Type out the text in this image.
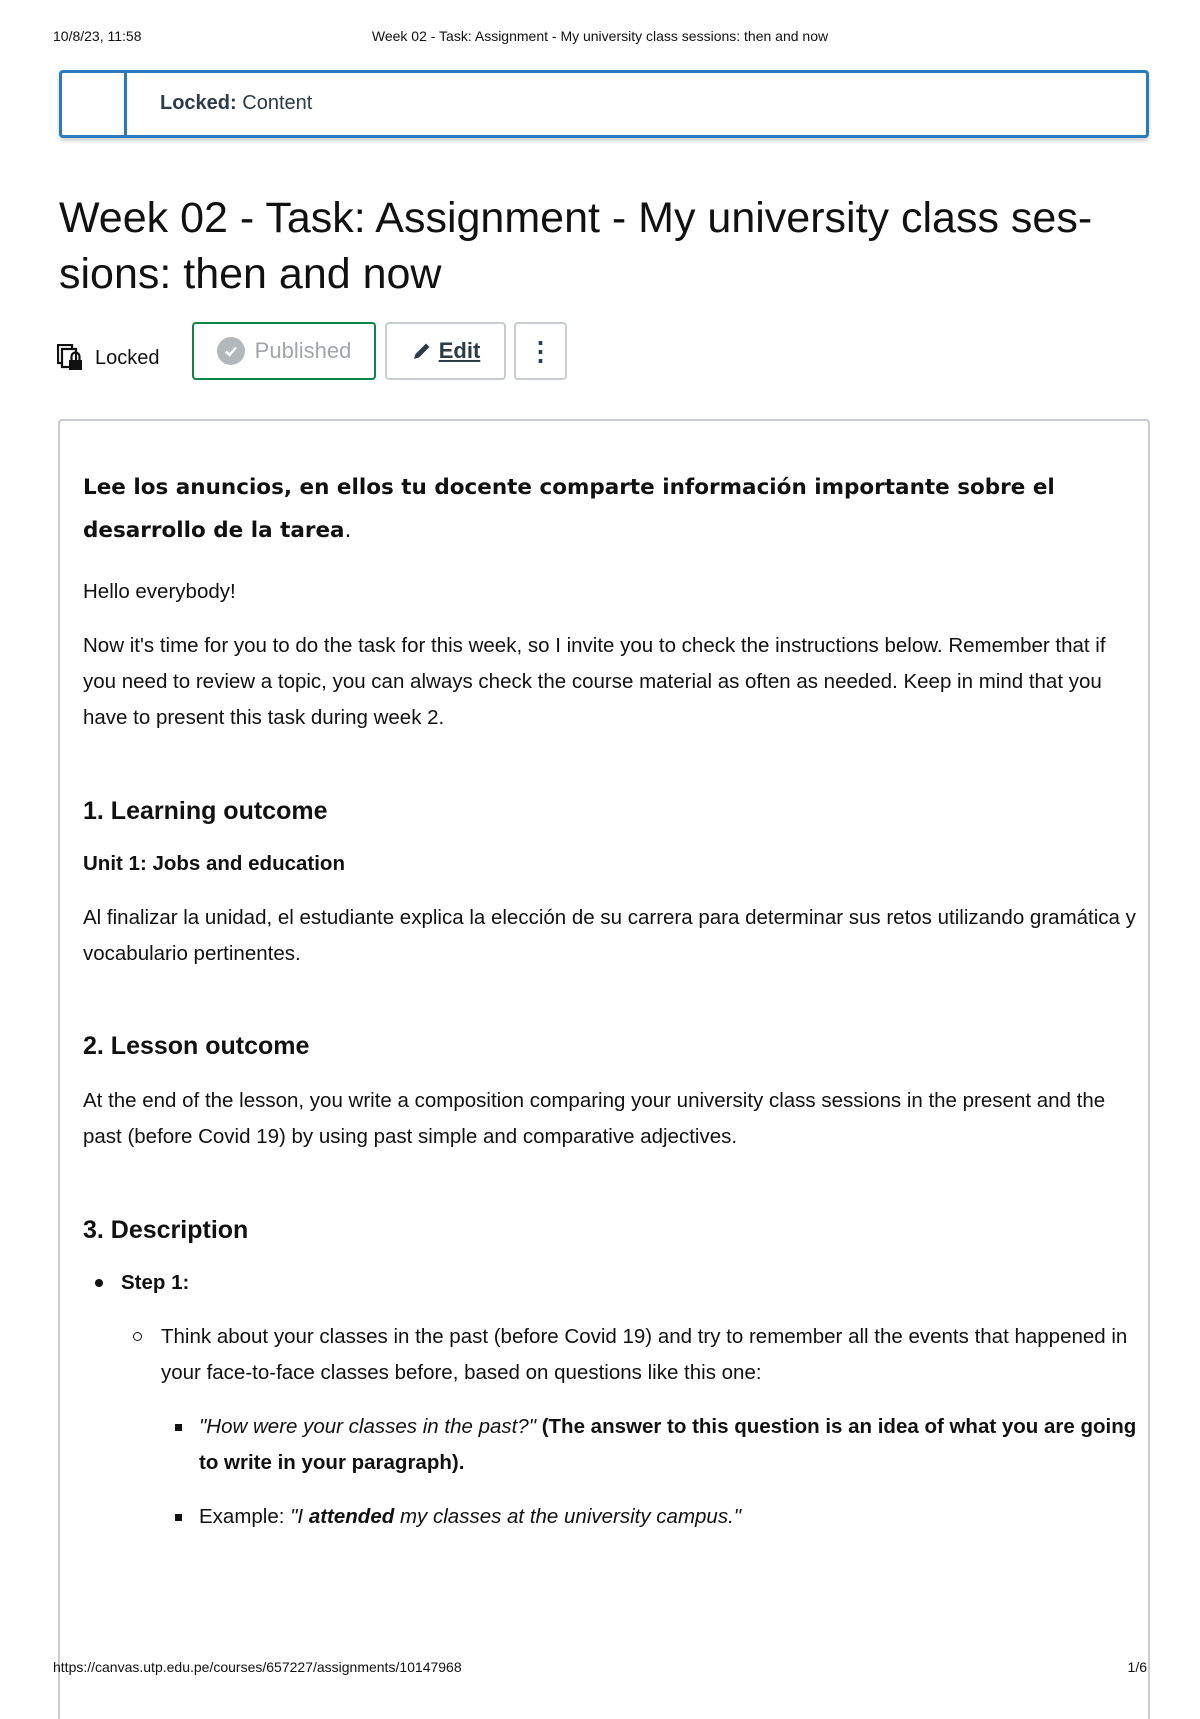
10/8/23, 11:58	Week 02 - Task: Assignment - My university class sessions: then and now
Locked: Content
Week 02 - Task: Assignment - My university class ses- sions: then and now
Locked	Published	Edit ⋮

Lee los anuncios, en ellos tu docente comparte información importante sobre el desarrollo de la tarea.

Hello everybody!

Now it's time for you to do the task for this week, so I invite you to check the instructions below. Remember that if you need to review a topic, you can always check the course material as often as needed. Keep in mind that you have to present this task during week 2.

1. Learning outcome

Unit 1: Jobs and education

Al finalizar la unidad, el estudiante explica la elección de su carrera para determinar sus retos utilizando gramática y vocabulario pertinentes.

2. Lesson outcome

At the end of the lesson, you write a composition comparing your university class sessions in the present and the past (before Covid 19) by using past simple and comparative adjectives.

3. Description
Step 1:
Think about your classes in the past (before Covid 19) and try to remember all the events that happened in your face-to-face classes before, based on questions like this one:
"How were your classes in the past?" (The answer to this question is an idea of what you are going to write in your paragraph).
Example: "I attended my classes at the university campus."
https://canvas.utp.edu.pe/courses/657227/assignments/10147968	1/6
